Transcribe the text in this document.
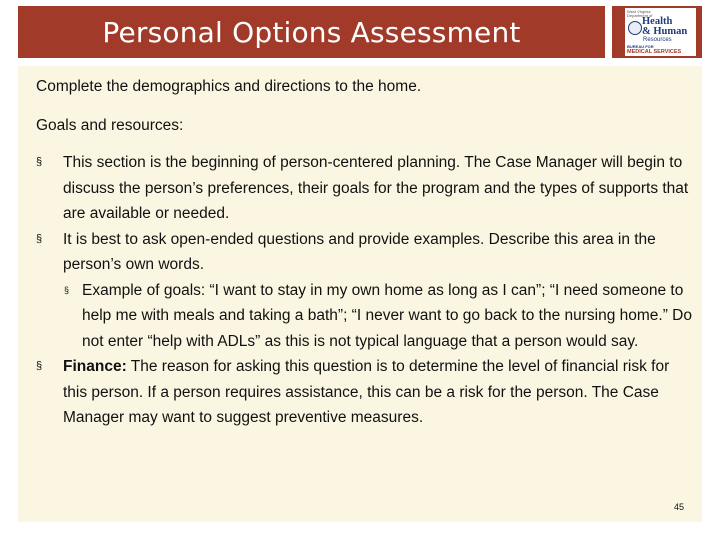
Personal Options Assessment
West Virginia
Department of
Health
& Human
Resources
BUREAU FOR
MEDICAL SERVICES

Complete the demographics and directions to the home.

Goals and resources:

§ This section is the beginning of person-centered planning. The Case Manager will begin to discuss the person’s preferences, their goals for the program and the types of supports that are available or needed.
§ It is best to ask open-ended questions and provide examples. Describe this area in the person’s own words.
§ Example of goals: “I want to stay in my own home as long as I can”; “I need someone to help me with meals and taking a bath”; “I never want to go back to the nursing home.” Do not enter “help with ADLs” as this is not typical language that a person would say.
§ Finance: The reason for asking this question is to determine the level of financial risk for this person. If a person requires assistance, this can be a risk for the person. The Case Manager may want to suggest preventive measures.
45
